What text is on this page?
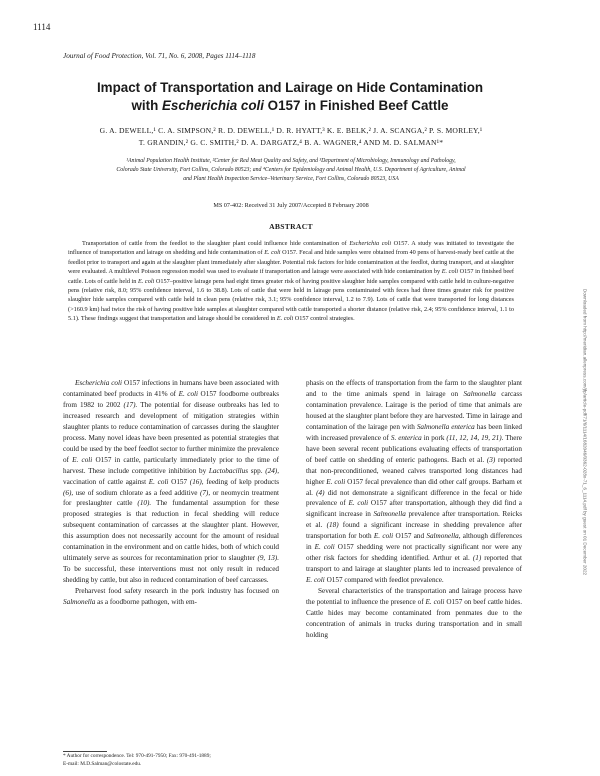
1114
Journal of Food Protection, Vol. 71, No. 6, 2008, Pages 1114–1118
Impact of Transportation and Lairage on Hide Contamination
with Escherichia coli O157 in Finished Beef Cattle
G. A. DEWELL,¹ C. A. SIMPSON,² R. D. DEWELL,¹ D. R. HYATT,³ K. E. BELK,² J. A. SCANGA,² P. S. MORLEY,¹
T. GRANDIN,² G. C. SMITH,² D. A. DARGATZ,⁴ B. A. WAGNER,⁴ AND M. D. SALMAN¹*
¹Animal Population Health Institute, ²Center for Red Meat Quality and Safety, and ³Department of Microbiology, Immunology and Pathology,
Colorado State University, Fort Collins, Colorado 80523; and ⁴Centers for Epidemiology and Animal Health, U.S. Department of Agriculture, Animal
and Plant Health Inspection Service–Veterinary Service, Fort Collins, Colorado 80523, USA
MS 07-402: Received 31 July 2007/Accepted 8 February 2008
ABSTRACT

Transportation of cattle from the feedlot to the slaughter plant could influence hide contamination of Escherichia coli O157. A study was initiated to investigate the influence of transportation and lairage on shedding and hide contamination of E. coli O157. Fecal and hide samples were obtained from 40 pens of harvest-ready beef cattle at the feedlot prior to transport and again at the slaughter plant immediately after slaughter. Potential risk factors for hide contamination at the feedlot, during transport, and at slaughter were evaluated. A multilevel Poisson regression model was used to evaluate if transportation and lairage were associated with hide contamination by E. coli O157 in finished beef cattle. Lots of cattle held in E. coli O157–positive lairage pens had eight times greater risk of having positive slaughter hide samples compared with cattle held in culture-negative pens (relative risk, 8.0; 95% confidence interval, 1.6 to 38.8). Lots of cattle that were held in lairage pens contaminated with feces had three times greater risk for positive slaughter hide samples compared with cattle held in clean pens (relative risk, 3.1; 95% confidence interval, 1.2 to 7.9). Lots of cattle that were transported for long distances (>160.9 km) had twice the risk of having positive hide samples at slaughter compared with cattle transported a shorter distance (relative risk, 2.4; 95% confidence interval, 1.1 to 5.1). These findings suggest that transportation and lairage should be considered in E. coli O157 control strategies.

Escherichia coli O157 infections in humans have been associated with contaminated beef products in 41% of E. coli O157 foodborne outbreaks from 1982 to 2002 (17). The potential for disease outbreaks has led to increased research and development of mitigation strategies within slaughter plants to reduce contamination of carcasses during the slaughter process. Many novel ideas have been presented as potential strategies that could be used by the beef feedlot sector to further minimize the prevalence of E. coli O157 in cattle, particularly immediately prior to the time of harvest. These include competitive inhibition by Lactobacillus spp. (24), vaccination of cattle against E. coli O157 (16), feeding of kelp products (6), use of sodium chlorate as a feed additive (7), or neomycin treatment for preslaughter cattle (10). The fundamental assumption for these proposed strategies is that reduction in fecal shedding will reduce subsequent contamination of carcasses at the slaughter plant. However, this assumption does not necessarily account for the amount of residual contamination in the environment and on cattle hides, both of which could ultimately serve as sources for recontamination prior to slaughter (9, 13). To be successful, these interventions must not only result in reduced shedding by cattle, but also in reduced contamination of beef carcasses.

Preharvest food safety research in the pork industry has focused on Salmonella as a foodborne pathogen, with em-

* Author for correspondence. Tel: 970-491-7950; Fax: 970-491-1889;
E-mail: M.D.Salman@colostate.edu.

phasis on the effects of transportation from the farm to the slaughter plant and to the time animals spend in lairage on Salmonella carcass contamination prevalence. Lairage is the period of time that animals are housed at the slaughter plant before they are harvested. Time in lairage and contamination of the lairage pen with Salmonella enterica has been linked with increased prevalence of S. enterica in pork (11, 12, 14, 19, 21). There have been several recent publications evaluating effects of transportation of beef cattle on shedding of enteric pathogens. Bach et al. (3) reported that non-preconditioned, weaned calves transported long distances had higher E. coli O157 fecal prevalence than did other calf groups. Barham et al. (4) did not demonstrate a significant difference in the fecal or hide prevalence of E. coli O157 after transportation, although they did find a significant increase in Salmonella prevalence after transportation. Reicks et al. (18) found a significant increase in shedding prevalence after transportation for both E. coli O157 and Salmonella, although differences in E. coli O157 shedding were not practically significant nor were any other risk factors for shedding identified. Arthur et al. (1) reported that transport to and lairage at slaughter plants led to increased prevalence of E. coli O157 compared with feedlot prevalence.

Several characteristics of the transportation and lairage process have the potential to influence the presence of E. coli O157 on beef cattle hides. Cattle hides may become contaminated from penmates due to the concentration of animals in trucks during transportation and in small holding

Downloaded from http://meridian.allenpress.com/jfp/article-pdf/71/6/1114/1682046/0362-028x-71_6_1114.pdf by guest on 01 December 2022
